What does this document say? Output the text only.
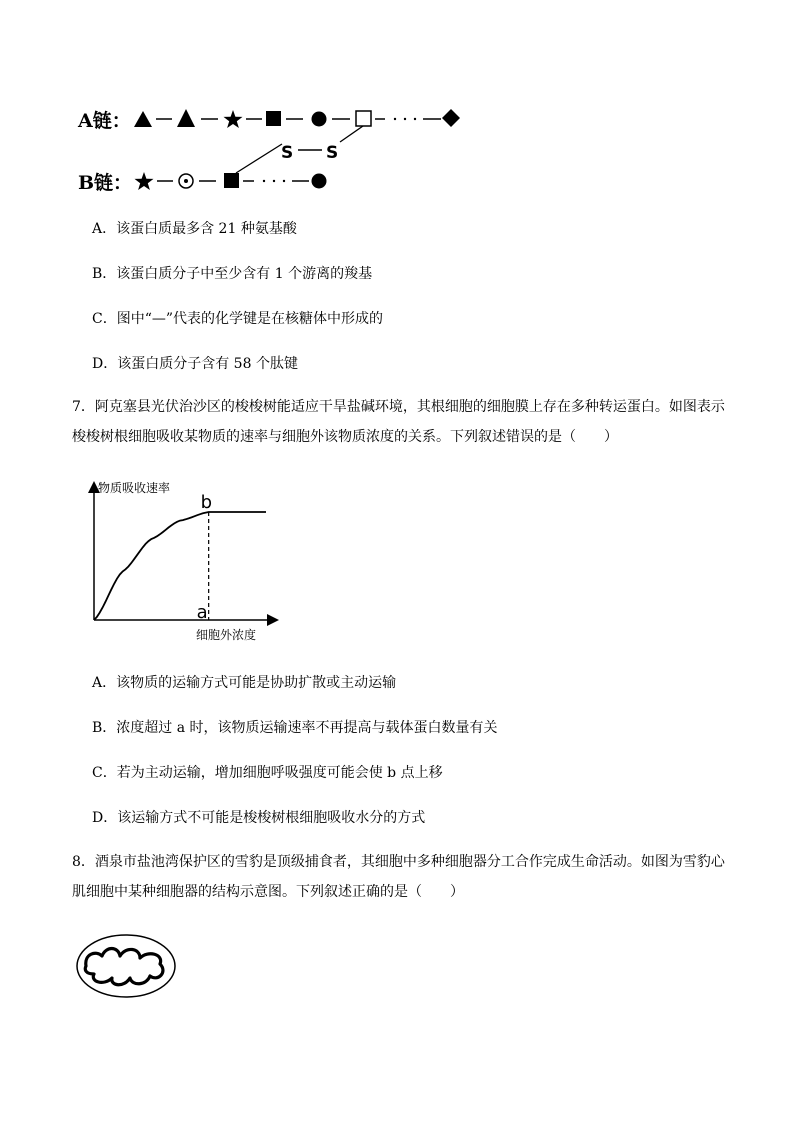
A链：
B链：
S
S
A．该蛋白质最多含 21 种氨基酸
B．该蛋白质分子中至少含有 1 个游离的羧基
C．图中“—”代表的化学键是在核糖体中形成的
D．该蛋白质分子含有 58 个肽键
7．阿克塞县光伏治沙区的梭梭树能适应干旱盐碱环境，其根细胞的细胞膜上存在多种转运蛋白。如图表示
梭梭树根细胞吸收某物质的速率与细胞外该物质浓度的关系。下列叙述错误的是（　　）
物质吸收速率
细胞外浓度
b
a
A．该物质的运输方式可能是协助扩散或主动运输
B．浓度超过 a 时，该物质运输速率不再提高与载体蛋白数量有关
C．若为主动运输，增加细胞呼吸强度可能会使 b 点上移
D．该运输方式不可能是梭梭树根细胞吸收水分的方式
8．酒泉市盐池湾保护区的雪豹是顶级捕食者，其细胞中多种细胞器分工合作完成生命活动。如图为雪豹心
肌细胞中某种细胞器的结构示意图。下列叙述正确的是（　　）
